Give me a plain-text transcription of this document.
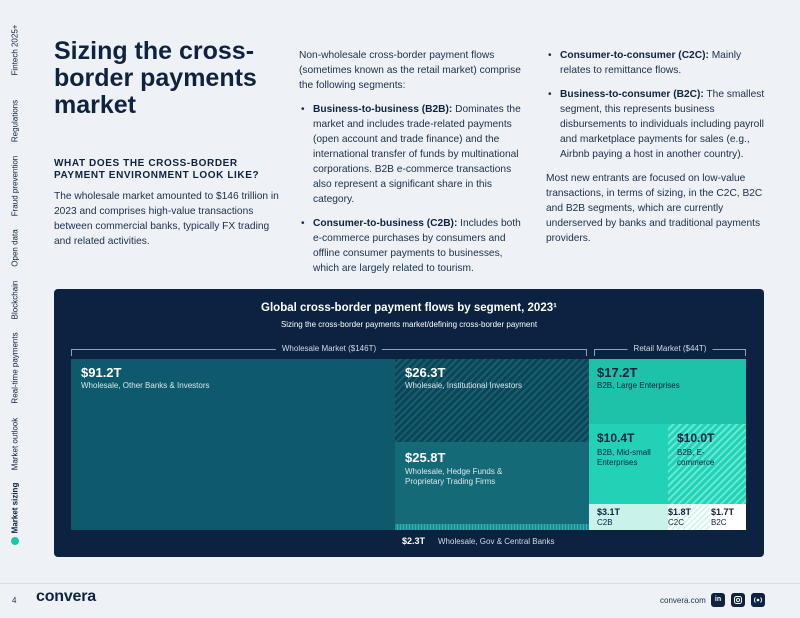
Fintech 2025+
Regulations
Fraud prevention
Open data
Blockchain
Real-time payments
Market outlook
Market sizing
Sizing the cross-border payments market
WHAT DOES THE CROSS-BORDER PAYMENT ENVIRONMENT LOOK LIKE?

The wholesale market amounted to $146 trillion in 2023 and comprises high-value transactions between commercial banks, typically FX trading and related activities.

Non-wholesale cross-border payment flows (sometimes known as the retail market) comprise the following segments:

• Business-to-business (B2B): Dominates the market and includes trade-related payments (open account and trade finance) and the international transfer of funds by multinational corporations. B2B e-commerce transactions also represent a significant share in this category.
• Consumer-to-business (C2B): Includes both e-commerce purchases by consumers and offline consumer payments to businesses, which are largely related to tourism.
• Consumer-to-consumer (C2C): Mainly relates to remittance flows.
• Business-to-consumer (B2C): The smallest segment, this represents business disbursements to individuals including payroll and marketplace payments for sales (e.g., Airbnb paying a host in another country).

Most new entrants are focused on low-value transactions, in terms of sizing, in the C2C, B2C and B2B segments, which are currently underserved by banks and traditional payments providers.

Global cross-border payment flows by segment, 2023¹
Sizing the cross-border payments market/defining cross-border payment
Wholesale Market ($146T)	Retail Market ($44T)
$91.2T
Wholesale, Other Banks & Investors
$26.3T
Wholesale, Institutional Investors
$25.8T
Wholesale, Hedge Funds & Proprietary Trading Firms
$2.3T Wholesale, Gov & Central Banks
$17.2T
B2B, Large Enterprises
$10.4T
B2B, Mid-small Enterprises
$10.0T
B2B, E-commerce
$3.1T
C2B
$1.8T
C2C
$1.7T
B2C
4 convera	convera.com	in
